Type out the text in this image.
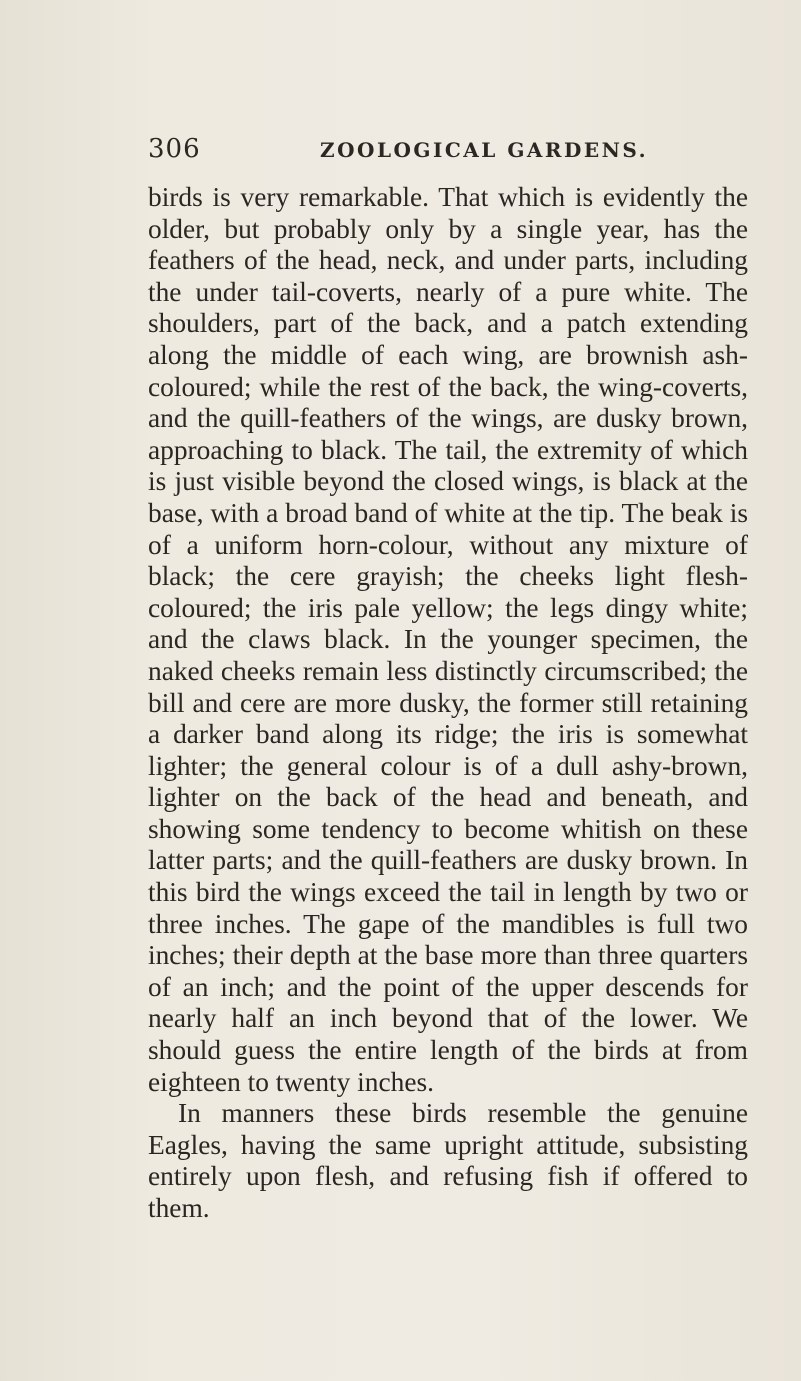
306	ZOOLOGICAL GARDENS.

birds is very remarkable. That which is evidently the older, but probably only by a single year, has the feathers of the head, neck, and under parts, including the under tail-coverts, nearly of a pure white. The shoulders, part of the back, and a patch extending along the middle of each wing, are brownish ash-coloured; while the rest of the back, the wing-coverts, and the quill-feathers of the wings, are dusky brown, approaching to black. The tail, the extremity of which is just visible beyond the closed wings, is black at the base, with a broad band of white at the tip. The beak is of a uniform horn-colour, without any mixture of black; the cere grayish; the cheeks light flesh-coloured; the iris pale yellow; the legs dingy white; and the claws black. In the younger specimen, the naked cheeks remain less distinctly circumscribed; the bill and cere are more dusky, the former still retaining a darker band along its ridge; the iris is somewhat lighter; the general colour is of a dull ashy-brown, lighter on the back of the head and beneath, and showing some tendency to become whitish on these latter parts; and the quill-feathers are dusky brown. In this bird the wings exceed the tail in length by two or three inches. The gape of the mandibles is full two inches; their depth at the base more than three quarters of an inch; and the point of the upper descends for nearly half an inch beyond that of the lower. We should guess the entire length of the birds at from eighteen to twenty inches.

In manners these birds resemble the genuine Eagles, having the same upright attitude, subsisting entirely upon flesh, and refusing fish if offered to them.
